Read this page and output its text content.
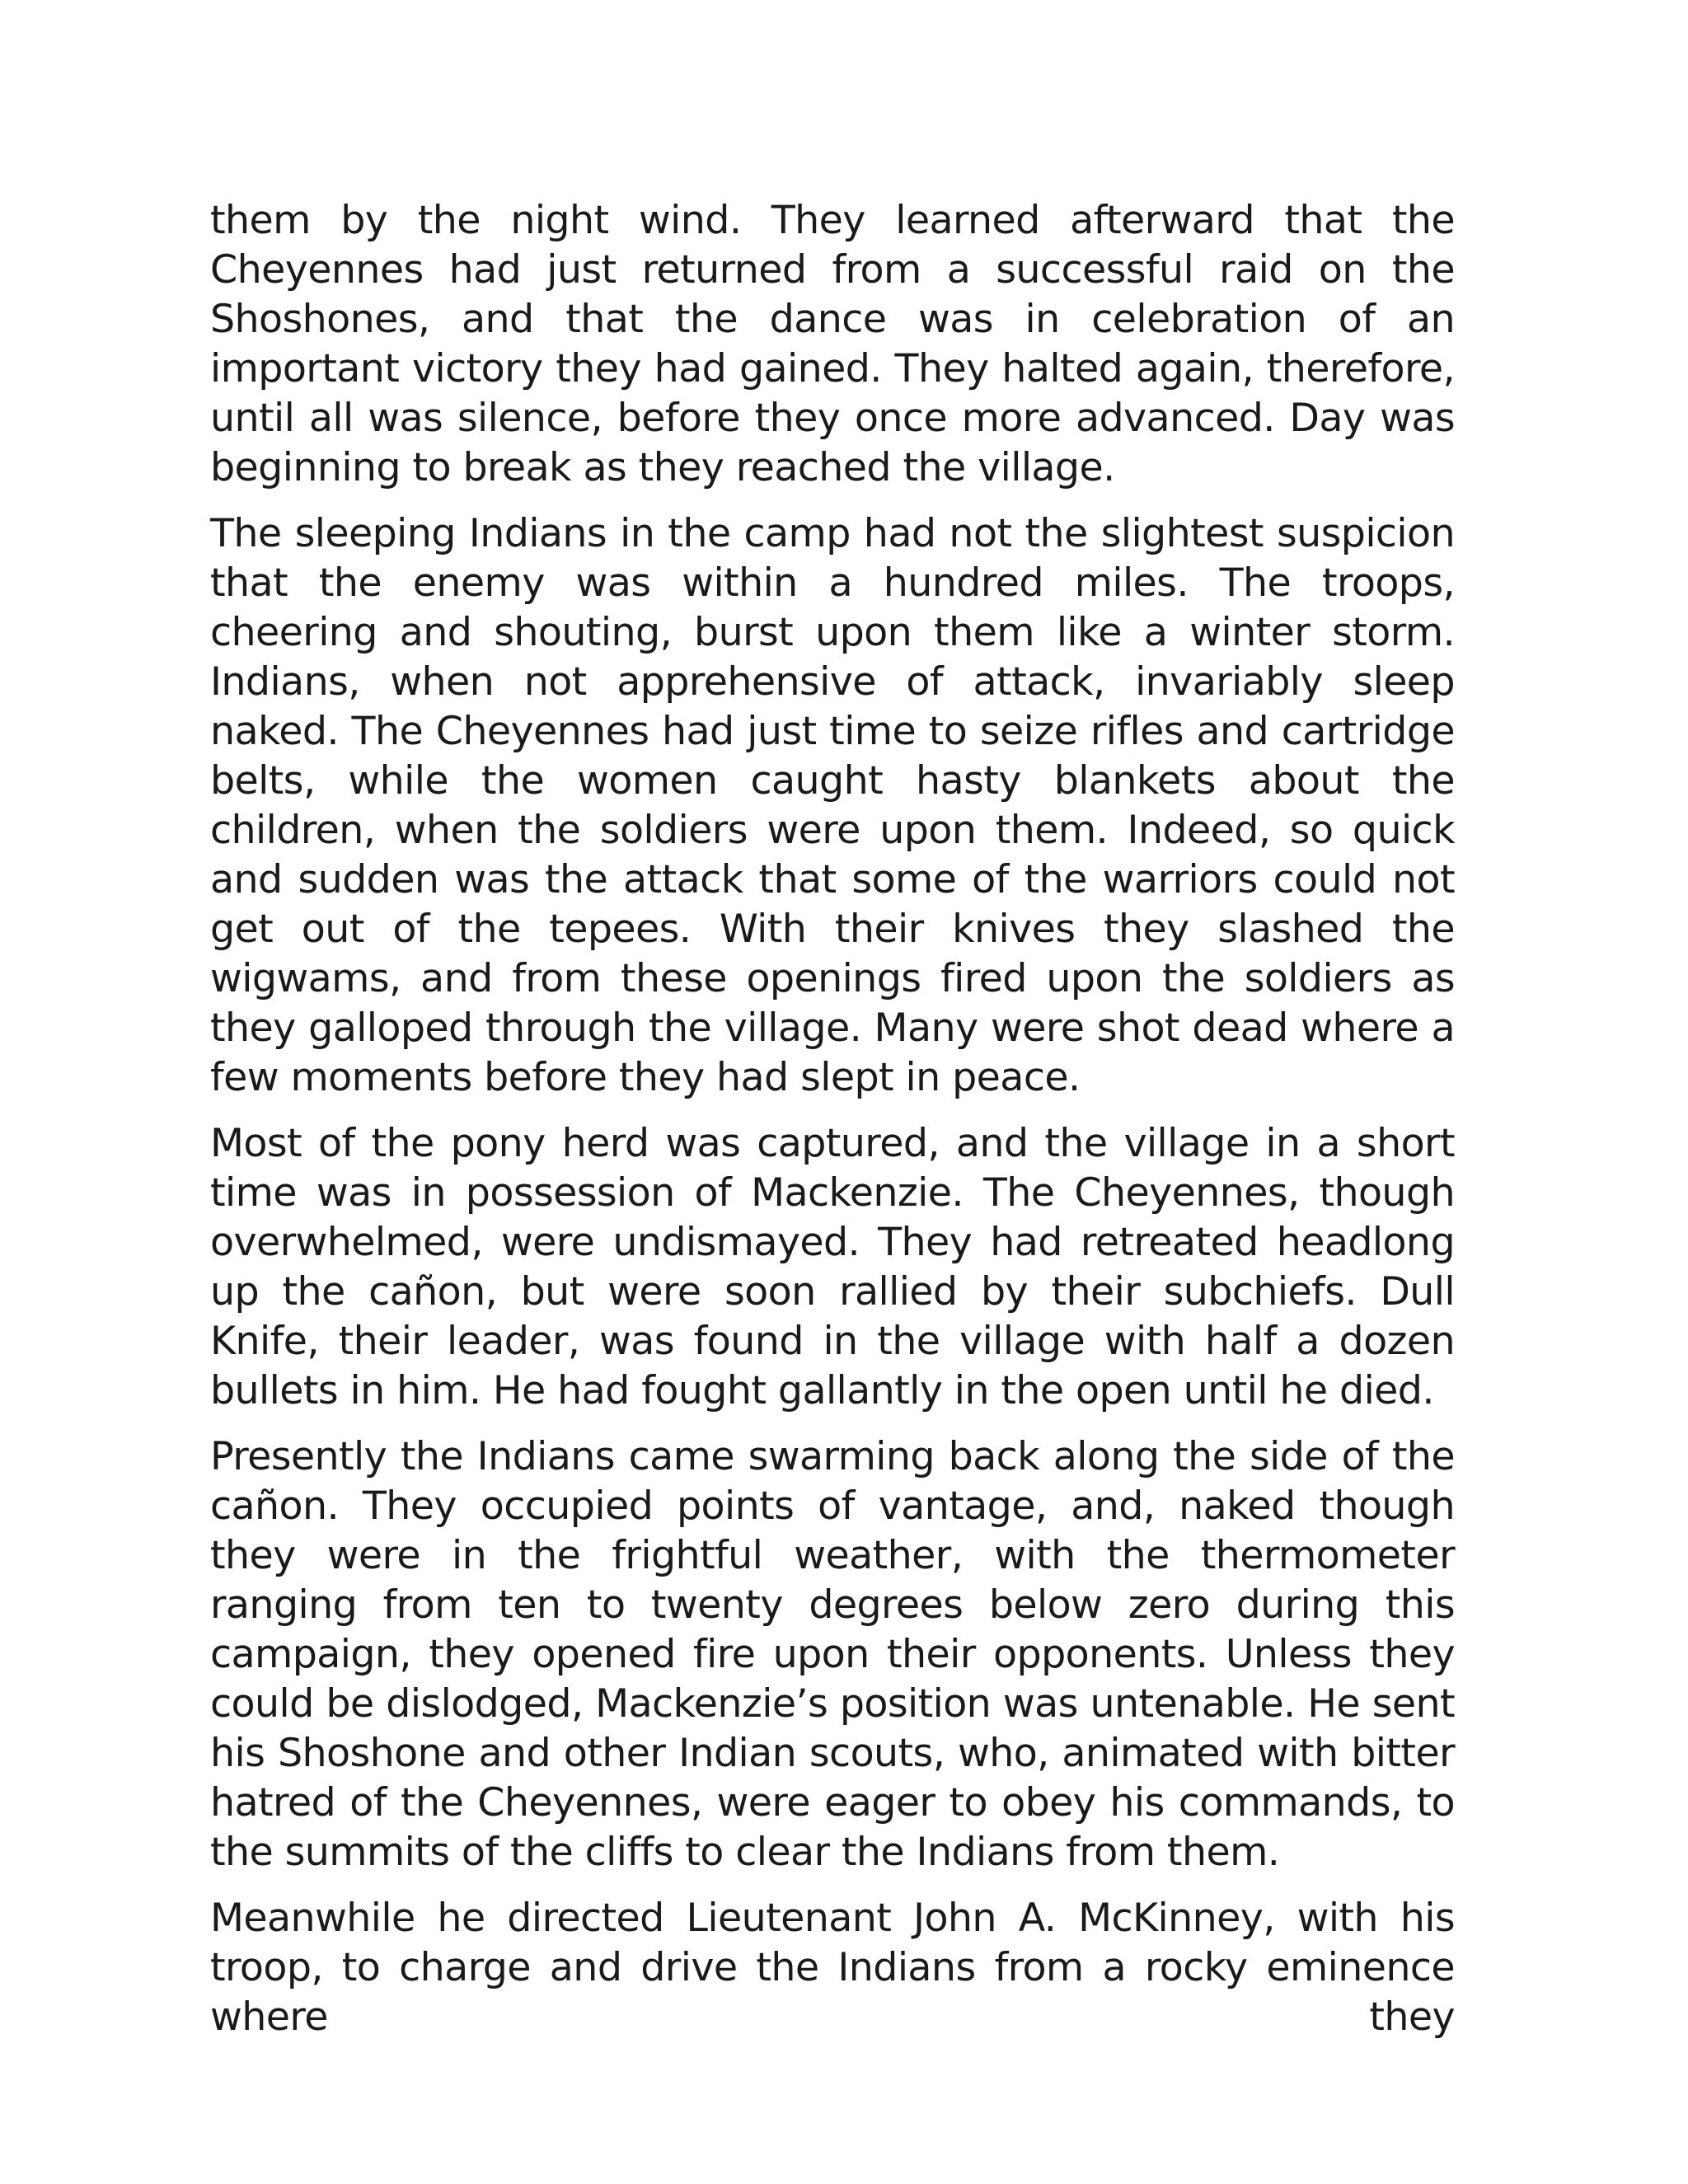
them by the night wind. They learned afterward that the Cheyennes had just returned from a successful raid on the Shoshones, and that the dance was in celebration of an important victory they had gained. They halted again, therefore, until all was silence, before they once more advanced. Day was beginning to break as they reached the village.

The sleeping Indians in the camp had not the slightest suspicion that the enemy was within a hundred miles. The troops, cheering and shouting, burst upon them like a winter storm. Indians, when not apprehensive of attack, invariably sleep naked. The Cheyennes had just time to seize rifles and cartridge belts, while the women caught hasty blankets about the children, when the soldiers were upon them. Indeed, so quick and sudden was the attack that some of the warriors could not get out of the tepees. With their knives they slashed the wigwams, and from these openings fired upon the soldiers as they galloped through the village. Many were shot dead where a few moments before they had slept in peace.

Most of the pony herd was captured, and the village in a short time was in possession of Mackenzie. The Cheyennes, though overwhelmed, were undismayed. They had retreated headlong up the cañon, but were soon rallied by their subchiefs. Dull Knife, their leader, was found in the village with half a dozen bullets in him. He had fought gallantly in the open until he died.

Presently the Indians came swarming back along the side of the cañon. They occupied points of vantage, and, naked though they were in the frightful weather, with the thermometer ranging from ten to twenty degrees below zero during this campaign, they opened fire upon their opponents. Unless they could be dislodged, Mackenzie’s position was untenable. He sent his Shoshone and other Indian scouts, who, animated with bitter hatred of the Cheyennes, were eager to obey his commands, to the summits of the cliffs to clear the Indians from them.

Meanwhile he directed Lieutenant John A. McKinney, with his troop, to charge and drive the Indians from a rocky eminence where they
